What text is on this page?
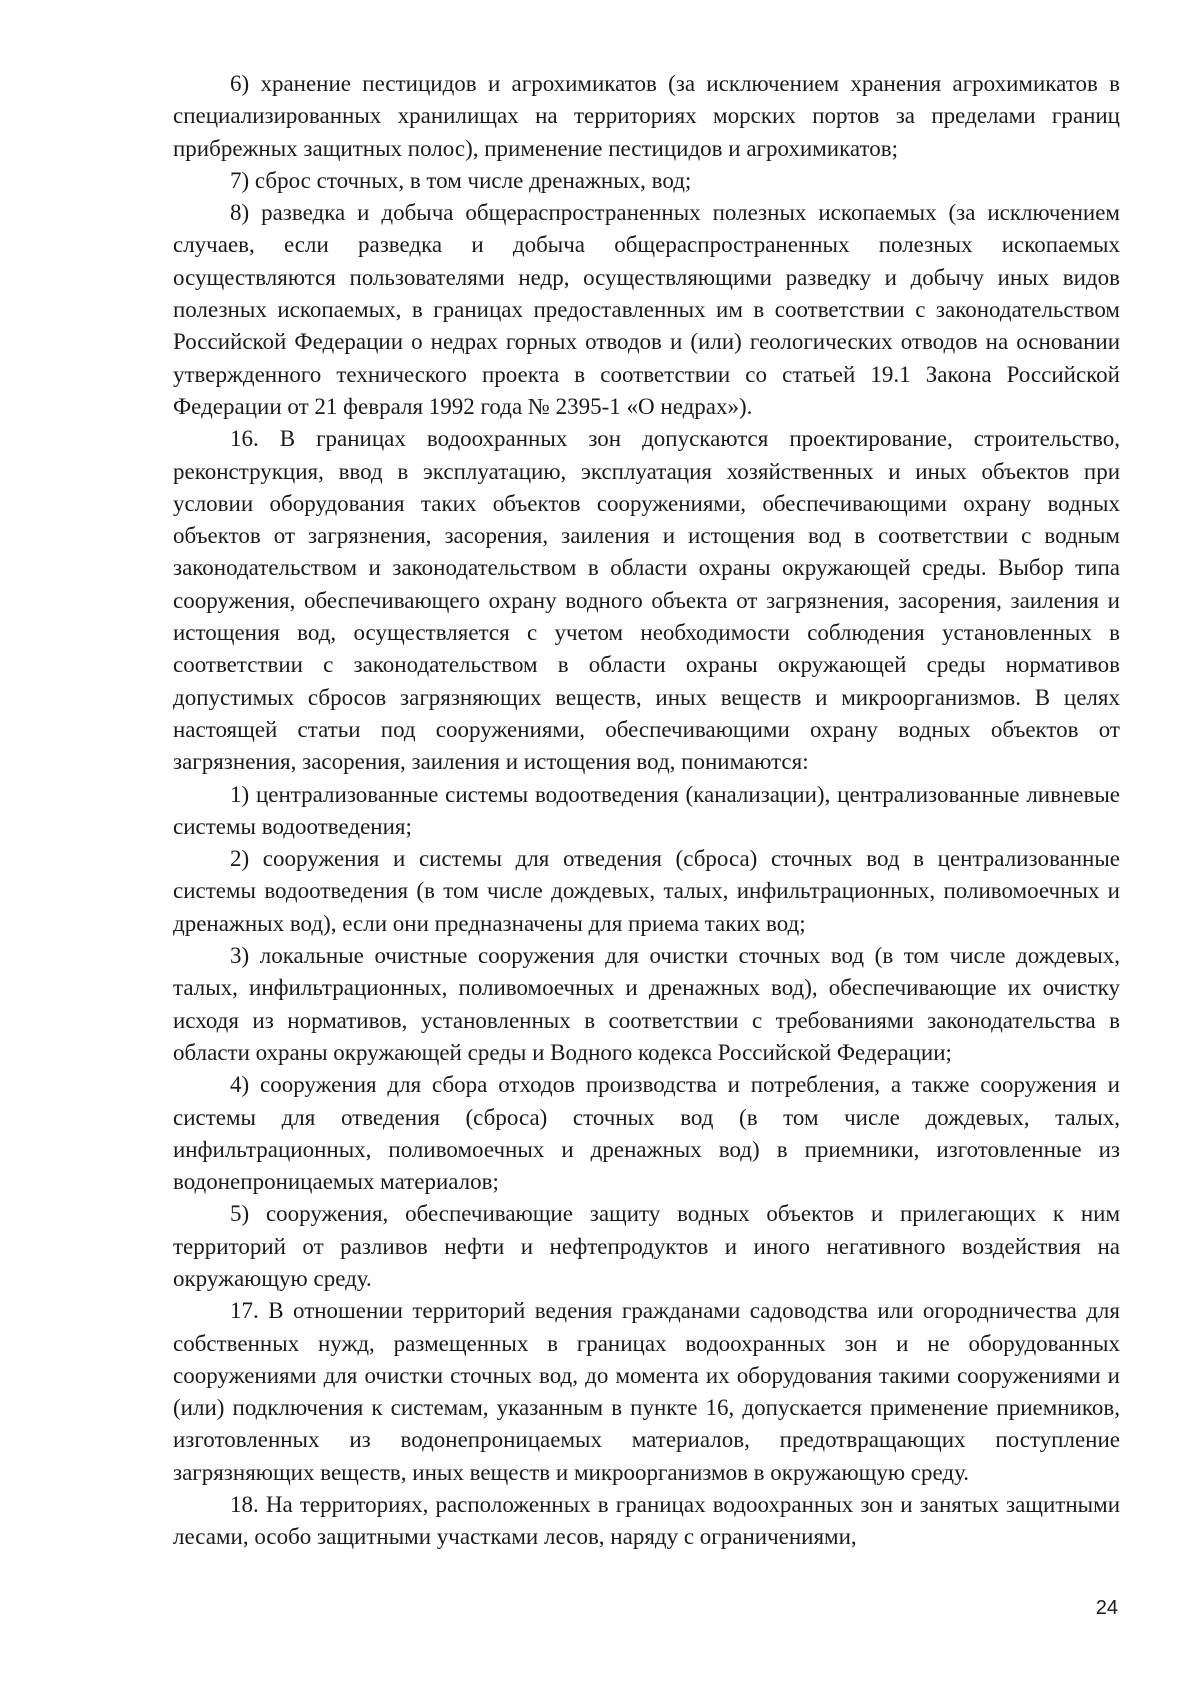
6) хранение пестицидов и агрохимикатов (за исключением хранения агрохимикатов в специализированных хранилищах на территориях морских портов за пределами границ прибрежных защитных полос), применение пестицидов и агрохимикатов;

7) сброс сточных, в том числе дренажных, вод;

8) разведка и добыча общераспространенных полезных ископаемых (за исключением случаев, если разведка и добыча общераспространенных полезных ископаемых осуществляются пользователями недр, осуществляющими разведку и добычу иных видов полезных ископаемых, в границах предоставленных им в соответствии с законодательством Российской Федерации о недрах горных отводов и (или) геологических отводов на основании утвержденного технического проекта в соответствии со статьей 19.1 Закона Российской Федерации от 21 февраля 1992 года № 2395-1 «О недрах»).

16. В границах водоохранных зон допускаются проектирование, строительство, реконструкция, ввод в эксплуатацию, эксплуатация хозяйственных и иных объектов при условии оборудования таких объектов сооружениями, обеспечивающими охрану водных объектов от загрязнения, засорения, заиления и истощения вод в соответствии с водным законодательством и законодательством в области охраны окружающей среды. Выбор типа сооружения, обеспечивающего охрану водного объекта от загрязнения, засорения, заиления и истощения вод, осуществляется с учетом необходимости соблюдения установленных в соответствии с законодательством в области охраны окружающей среды нормативов допустимых сбросов загрязняющих веществ, иных веществ и микроорганизмов. В целях настоящей статьи под сооружениями, обеспечивающими охрану водных объектов от загрязнения, засорения, заиления и истощения вод, понимаются:

1) централизованные системы водоотведения (канализации), централизованные ливневые системы водоотведения;

2) сооружения и системы для отведения (сброса) сточных вод в централизованные системы водоотведения (в том числе дождевых, талых, инфильтрационных, поливомоечных и дренажных вод), если они предназначены для приема таких вод;

3) локальные очистные сооружения для очистки сточных вод (в том числе дождевых, талых, инфильтрационных, поливомоечных и дренажных вод), обеспечивающие их очистку исходя из нормативов, установленных в соответствии с требованиями законодательства в области охраны окружающей среды и Водного кодекса Российской Федерации;

4) сооружения для сбора отходов производства и потребления, а также сооружения и системы для отведения (сброса) сточных вод (в том числе дождевых, талых, инфильтрационных, поливомоечных и дренажных вод) в приемники, изготовленные из водонепроницаемых материалов;

5) сооружения, обеспечивающие защиту водных объектов и прилегающих к ним территорий от разливов нефти и нефтепродуктов и иного негативного воздействия на окружающую среду.

17. В отношении территорий ведения гражданами садоводства или огородничества для собственных нужд, размещенных в границах водоохранных зон и не оборудованных сооружениями для очистки сточных вод, до момента их оборудования такими сооружениями и (или) подключения к системам, указанным в пункте 16, допускается применение приемников, изготовленных из водонепроницаемых материалов, предотвращающих поступление загрязняющих веществ, иных веществ и микроорганизмов в окружающую среду.

18. На территориях, расположенных в границах водоохранных зон и занятых защитными лесами, особо защитными участками лесов, наряду с ограничениями,

24
